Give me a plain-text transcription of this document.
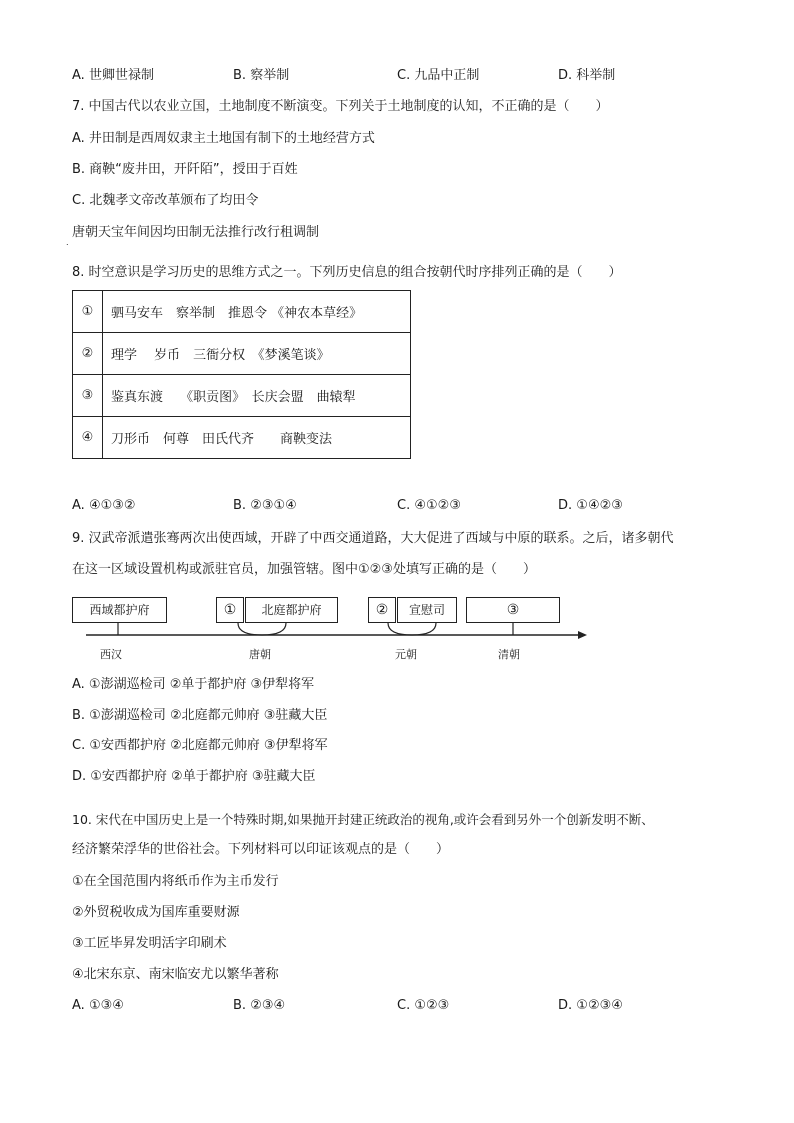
A. 世卿世禄制	B. 察举制	C. 九品中正制	D. 科举制
7. 中国古代以农业立国，土地制度不断演变。下列关于土地制度的认知，不正确的是（　　）
A. 井田制是西周奴隶主土地国有制下的土地经营方式
B. 商鞅“废井田，开阡陌”，授田于百姓
C. 北魏孝文帝改革颁布了均田令
.
唐朝天宝年间因均田制无法推行改行租调制
8. 时空意识是学习历史的思维方式之一。下列历史信息的组合按朝代时序排列正确的是（　　）
①	驷马安车　察举制　推恩令 《神农本草经》
②	理学　 岁币　三衙分权　《梦溪笔谈》
③	鉴真东渡　 《职贡图》　长庆会盟　曲辕犁
④	刀形币　何尊　田氏代齐　　商鞅变法
A. ④①③②	B. ②③①④	C. ④①②③	D. ①④②③
9. 汉武帝派遣张骞两次出使西域，开辟了中西交通道路，大大促进了西域与中原的联系。之后，诸多朝代
在这一区域设置机构或派驻官员，加强管辖。图中①②③处填写正确的是（　　）
西域都护府	①	北庭都护府	②	宣慰司	③
西汉	唐朝	元朝	清朝
A. ①澎湖巡检司 ②单于都护府 ③伊犁将军
B. ①澎湖巡检司 ②北庭都元帅府 ③驻藏大臣
C. ①安西都护府 ②北庭都元帅府 ③伊犁将军
D. ①安西都护府 ②单于都护府 ③驻藏大臣
10. 宋代在中国历史上是一个特殊时期,如果抛开封建正统政治的视角,或许会看到另外一个创新发明不断、
经济繁荣浮华的世俗社会。下列材料可以印证该观点的是（　　）
①在全国范围内将纸币作为主币发行
②外贸税收成为国库重要财源
③工匠毕昇发明活字印刷术
④北宋东京、南宋临安尤以繁华著称
A. ①③④	B. ②③④	C. ①②③	D. ①②③④
